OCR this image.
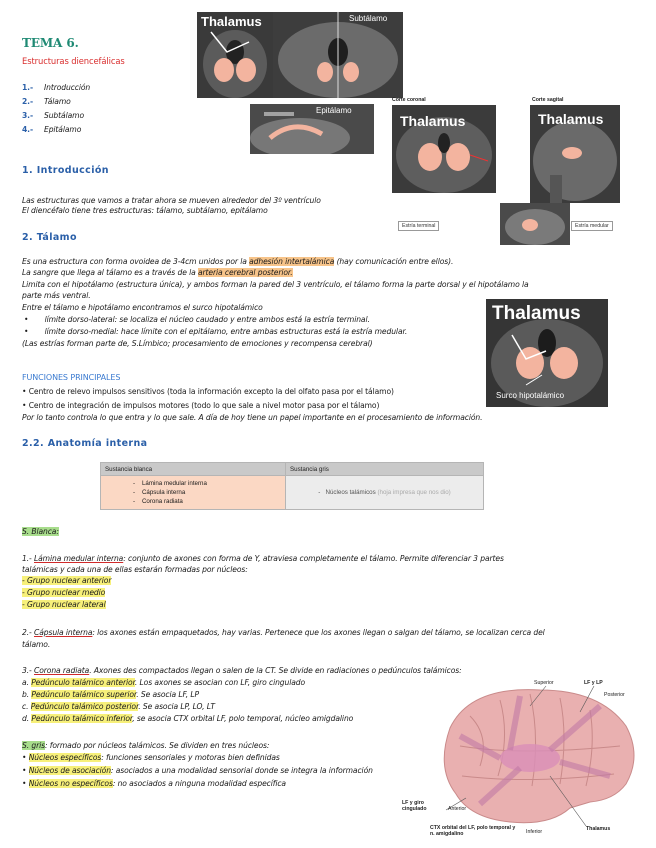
TEMA 6.
Estructuras diencefálicas
1.- Introducción
2.- Tálamo
3.- Subtálamo
4.- Epitálamo
Thalamus	Subtálamo
Epitálamo
Corte coronal
Thalamus
Corte sagital
Thalamus
Estría terminal	Estría medular
1. Introducción
Las estructuras que vamos a tratar ahora se mueven alrededor del 3º ventrículo
El diencéfalo tiene tres estructuras: tálamo, subtálamo, epitálamo
2. Tálamo
Es una estructura con forma ovoidea de 3-4cm unidos por la adhesión intertalámica (hay comunicación entre ellos).
La sangre que llega al tálamo es a través de la arteria cerebral posterior.
Limita con el hipotálamo (estructura única), y ambos forman la pared del 3 ventrículo, el tálamo forma la parte dorsal y el hipotálamo la
parte más ventral.
Entre el tálamo e hipotálamo encontramos el surco hipotalámico
•       límite dorso-lateral: se localiza el núcleo caudado y entre ambos está la estría terminal.
•       límite dorso-medial: hace límite con el epitálamo, entre ambas estructuras está la estría medular.
(Las estrías forman parte de, S.Límbico; procesamiento de emociones y recompensa cerebral)
Thalamus
Surco hipotalámico
FUNCIONES PRINCIPALES
• Centro de relevo impulsos sensitivos (toda la información excepto la del olfato pasa por el tálamo)
• Centro de integración de impulsos motores (todo lo que sale a nivel motor pasa por el tálamo)
Por lo tanto controla lo que entra y lo que sale. A día de hoy tiene un papel importante en el procesamiento de información.
2.2. Anatomía interna
Sustancia blanca	Sustancia gris

-    Lámina medular interna
-    Cápsula interna
-    Corona radiata	-   Núcleos talámicos (hoja impresa que nos dio)
S. Blanca:
1.- Lámina medular interna: conjunto de axones con forma de Y, atraviesa completamente el tálamo. Permite diferenciar 3 partes
talámicas y cada una de ellas estarán formadas por núcleos:
- Grupo nuclear anterior
- Grupo nuclear medio
- Grupo nuclear lateral
2.- Cápsula interna: los axones están empaquetados, hay varias. Pertenece que los axones llegan o salgan del tálamo, se localizan cerca del
tálamo.
3.- Corona radiata. Axones des compactados llegan o salen de la CT. Se divide en radiaciones o pedúnculos talámicos:
a. Pedúnculo talámico anterior. Los axones se asocian con LF, giro cingulado
b. Pedúnculo talámico superior. Se asocia LF, LP
c. Pedúnculo talámico posterior. Se asocia LP, LO, LT
d. Pedúnculo talámico inferior, se asocia CTX orbital LF, polo temporal, núcleo amigdalino
S. gris: formado por núcleos talámicos. Se dividen en tres núcleos:
• Núcleos específicos: funciones sensoriales y motoras bien definidas
• Núcleos de asociación: asociados a una modalidad sensorial donde se integra la información
• Núcleos no específicos: no asociados a ninguna modalidad específica
Superior	LF y LP
Posterior
LF y giro cingulado	Anterior
CTX orbital del LF, polo temporal y n. amigdalino	Inferior	Thalamus
